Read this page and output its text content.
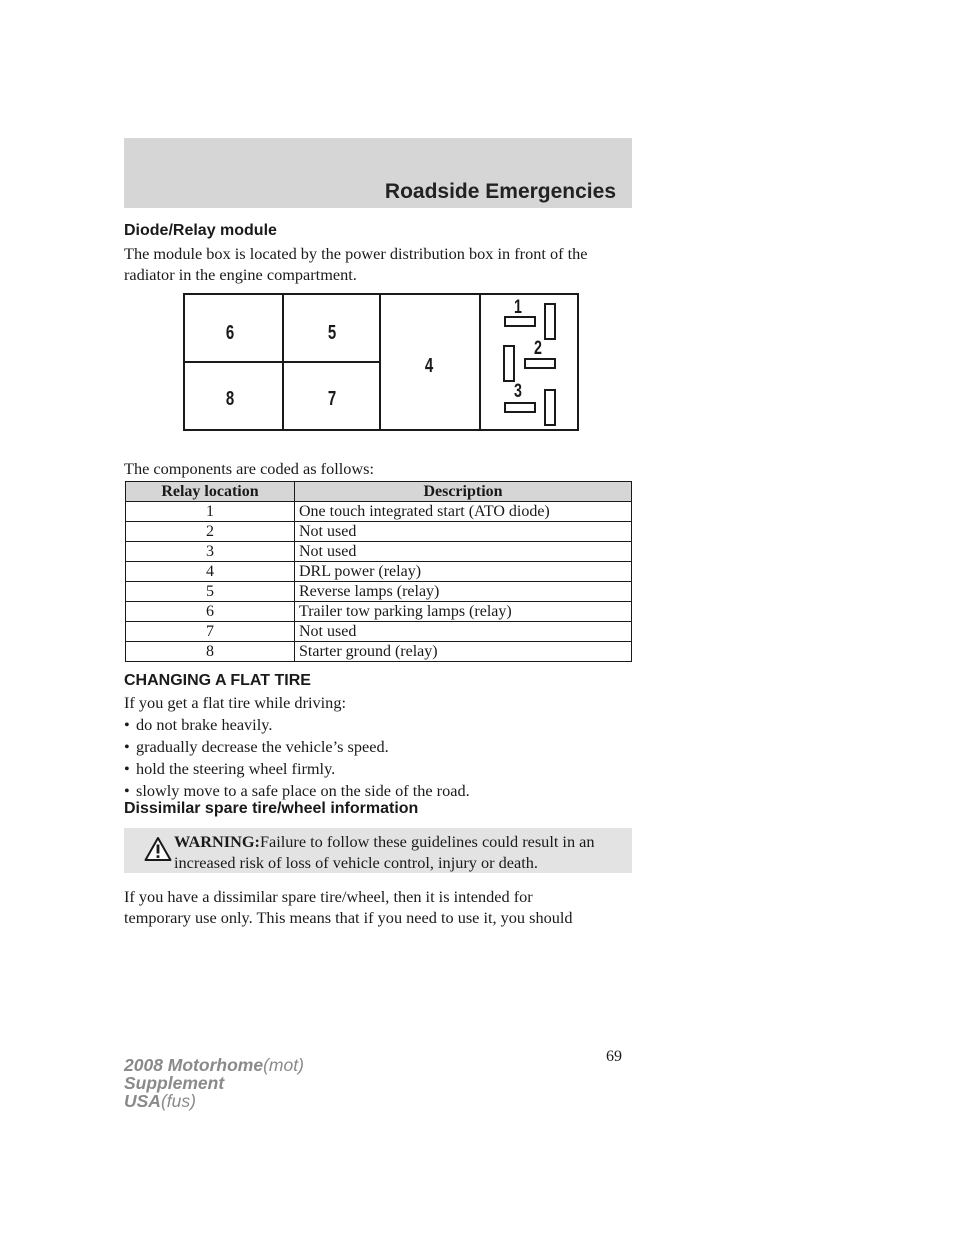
Roadside Emergencies
Diode/Relay module
The module box is located by the power distribution box in front of the
radiator in the engine compartment.
6	5
8	7
4
1
2
3
The components are coded as follows:
Relay location	Description
1	One touch integrated start (ATO diode)
2	Not used
3	Not used
4	DRL power (relay)
5	Reverse lamps (relay)
6	Trailer tow parking lamps (relay)
7	Not used
8	Starter ground (relay)
CHANGING A FLAT TIRE
If you get a flat tire while driving:
• do not brake heavily.
• gradually decrease the vehicle’s speed.
• hold the steering wheel firmly.
• slowly move to a safe place on the side of the road.
Dissimilar spare tire/wheel information
WARNING:Failure to follow these guidelines could result in an
increased risk of loss of vehicle control, injury or death.
If you have a dissimilar spare tire/wheel, then it is intended for
temporary use only. This means that if you need to use it, you should
69
2008 Motorhome(mot)
Supplement
USA(fus)
